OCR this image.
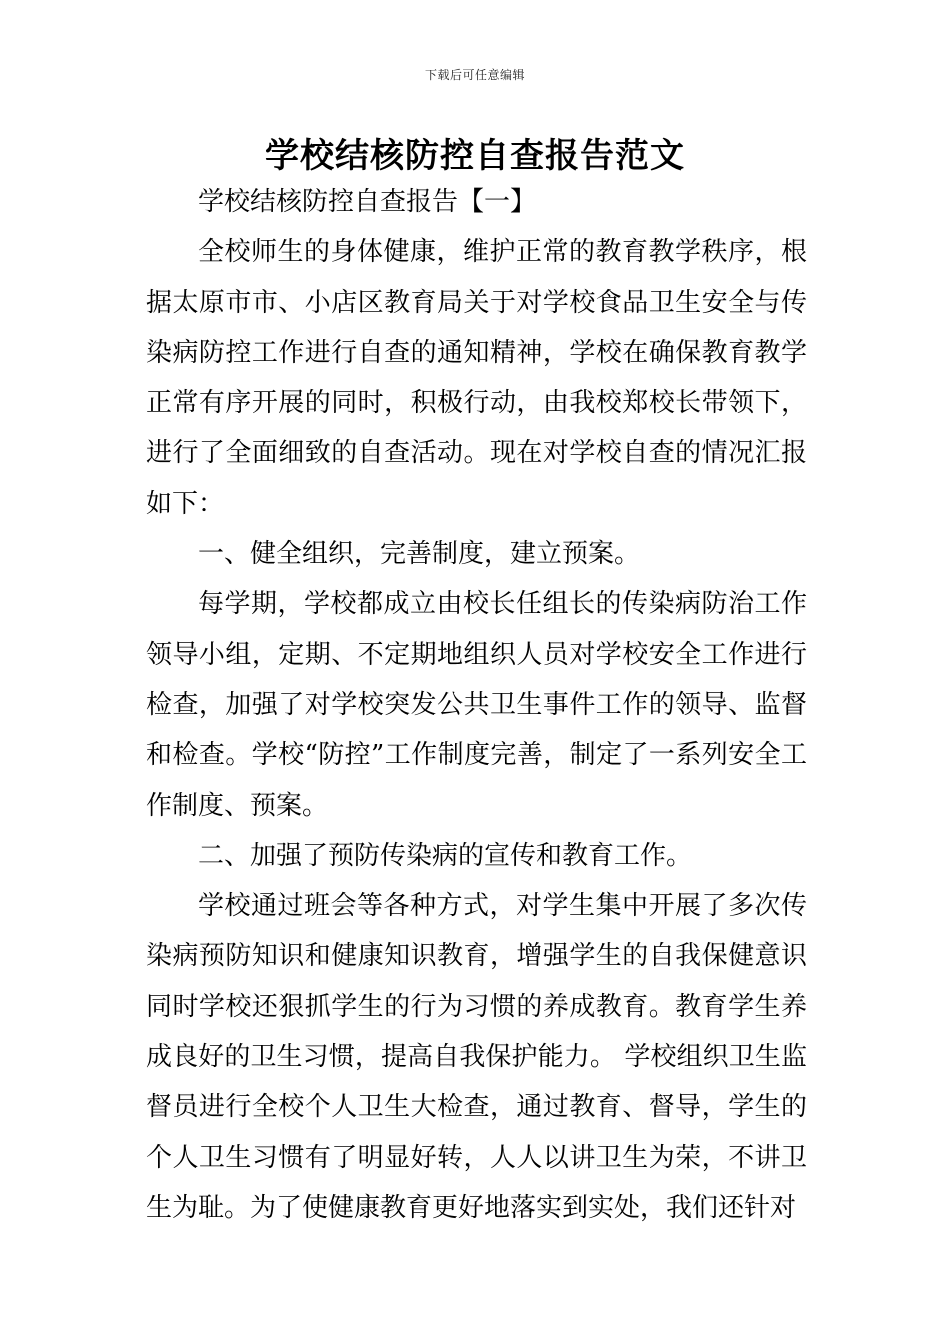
下载后可任意编辑
学校结核防控自查报告范文

学校结核防控自查报告【一】

全校师生的身体健康，维护正常的教育教学秩序，根据太原市市、小店区教育局关于对学校食品卫生安全与传染病防控工作进行自查的通知精神，学校在确保教育教学正常有序开展的同时，积极行动，由我校郑校长带领下，进行了全面细致的自查活动。现在对学校自查的情况汇报如下：

一、健全组织，完善制度，建立预案。

每学期，学校都成立由校长任组长的传染病防治工作领导小组，定期、不定期地组织人员对学校安全工作进行检查，加强了对学校突发公共卫生事件工作的领导、监督和检查。学校“防控”工作制度完善，制定了一系列安全工作制度、预案。

二、加强了预防传染病的宣传和教育工作。

学校通过班会等各种方式，对学生集中开展了多次传染病预防知识和健康知识教育，增强学生的自我保健意识同时学校还狠抓学生的行为习惯的养成教育。教育学生养成良好的卫生习惯，提高自我保护能力。 学校组织卫生监督员进行全校个人卫生大检查，通过教育、督导，学生的个人卫生习惯有了明显好转，人人以讲卫生为荣，不讲卫生为耻。为了使健康教育更好地落实到实处，我们还针对
